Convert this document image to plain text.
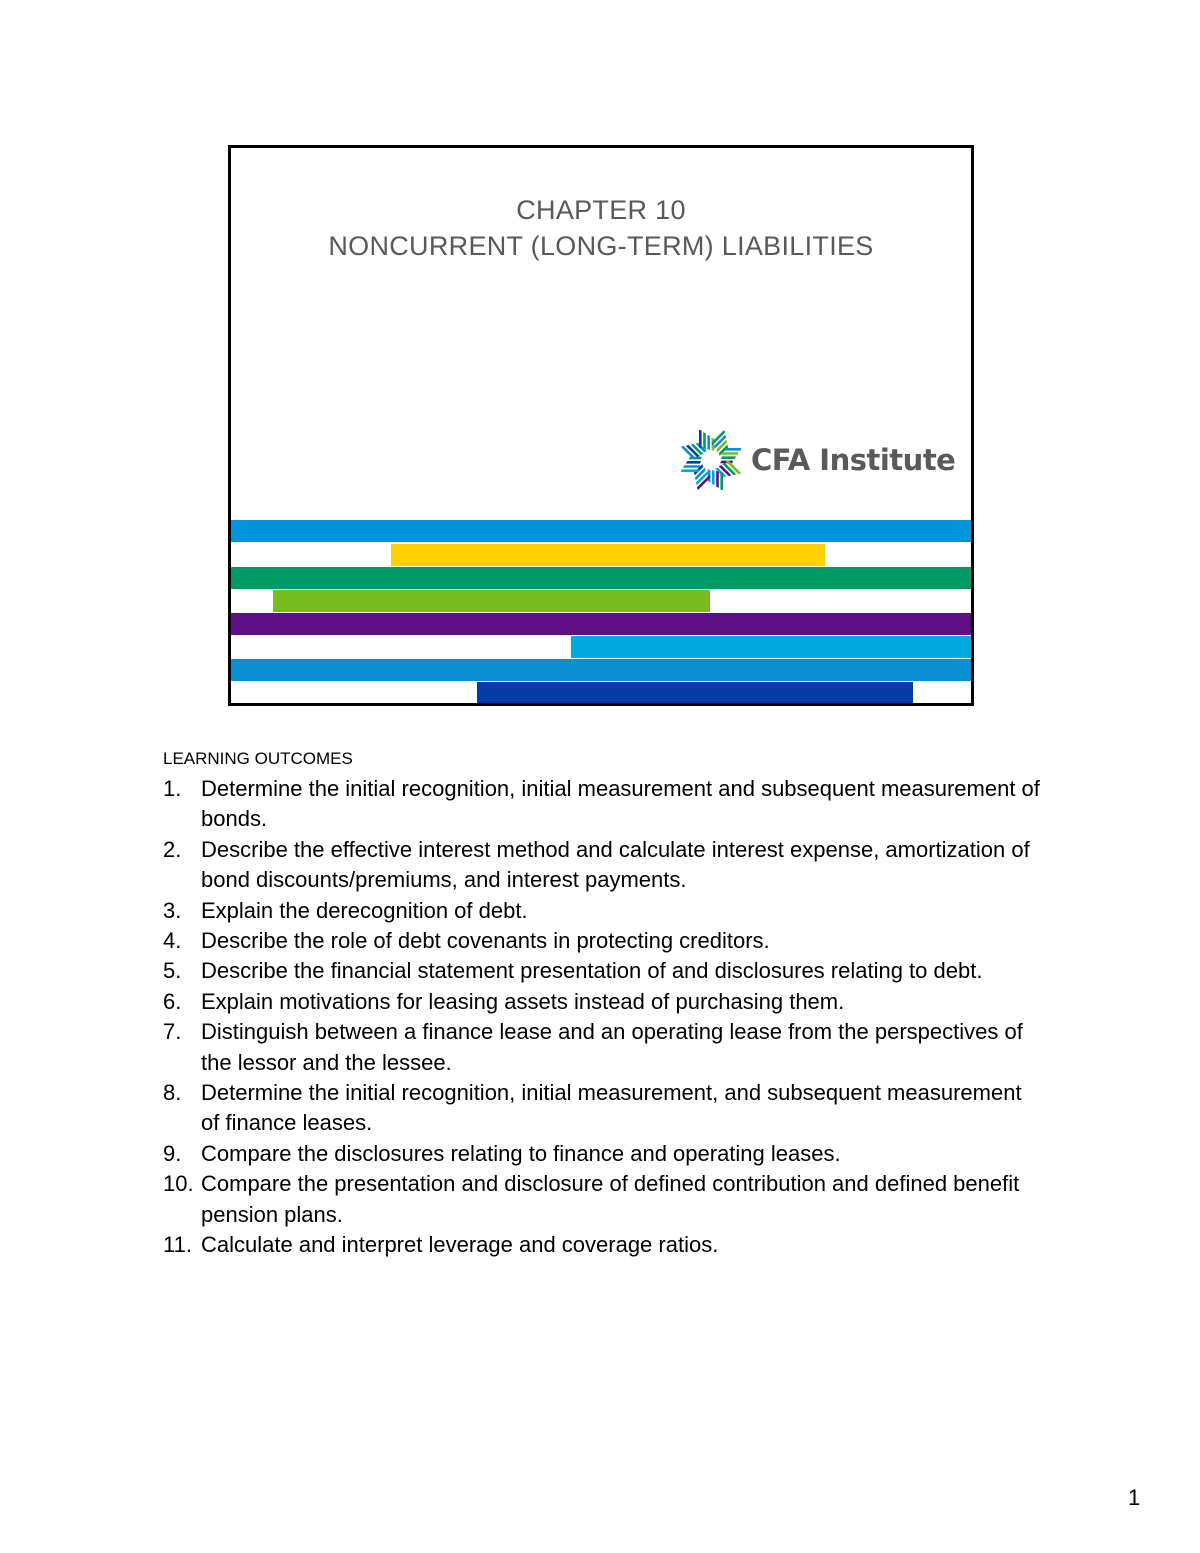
CHAPTER 10
NONCURRENT (LONG-TERM) LIABILITIES
CFA Institute
LEARNING OUTCOMES
1. Determine the initial recognition, initial measurement and subsequent measurement of bonds.
2. Describe the effective interest method and calculate interest expense, amortization of bond discounts/premiums, and interest payments.
3. Explain the derecognition of debt.
4. Describe the role of debt covenants in protecting creditors.
5. Describe the financial statement presentation of and disclosures relating to debt.
6. Explain motivations for leasing assets instead of purchasing them.
7. Distinguish between a finance lease and an operating lease from the perspectives of the lessor and the lessee.
8. Determine the initial recognition, initial measurement, and subsequent measurement of finance leases.
9. Compare the disclosures relating to finance and operating leases.
10. Compare the presentation and disclosure of defined contribution and defined benefit pension plans.
11. Calculate and interpret leverage and coverage ratios.
1
